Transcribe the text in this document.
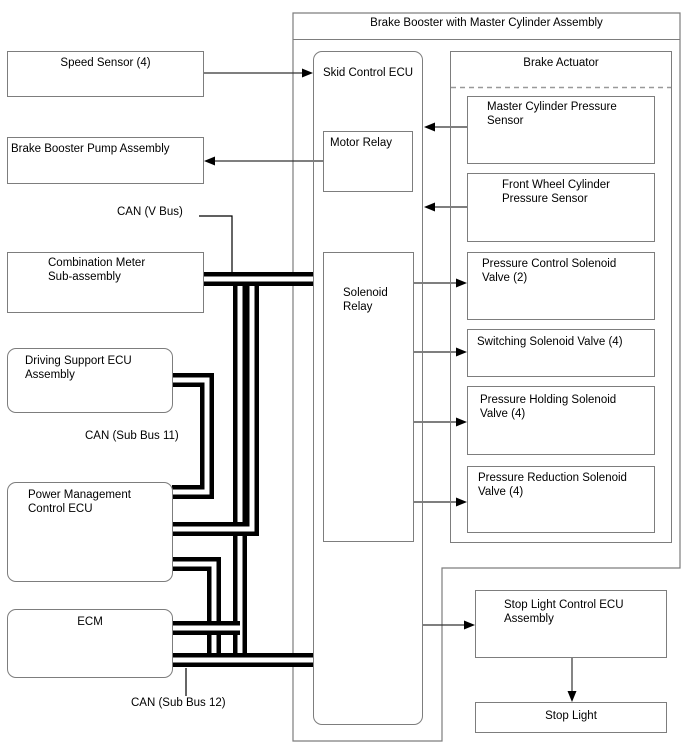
Brake Booster with Master Cylinder Assembly
Speed Sensor (4)
Brake Booster Pump Assembly
CAN (V Bus)
Combination Meter
Sub-assembly
Driving Support ECU
Assembly
CAN (Sub Bus 11)
Power Management
Control ECU
ECM
CAN (Sub Bus 12)
Skid Control ECU
Motor Relay
Solenoid
Relay
Brake Actuator
Master Cylinder Pressure
Sensor
Front Wheel Cylinder
Pressure Sensor
Pressure Control Solenoid
Valve (2)
Switching Solenoid Valve (4)
Pressure Holding Solenoid
Valve (4)
Pressure Reduction Solenoid
Valve (4)
Stop Light Control ECU
Assembly
Stop Light
